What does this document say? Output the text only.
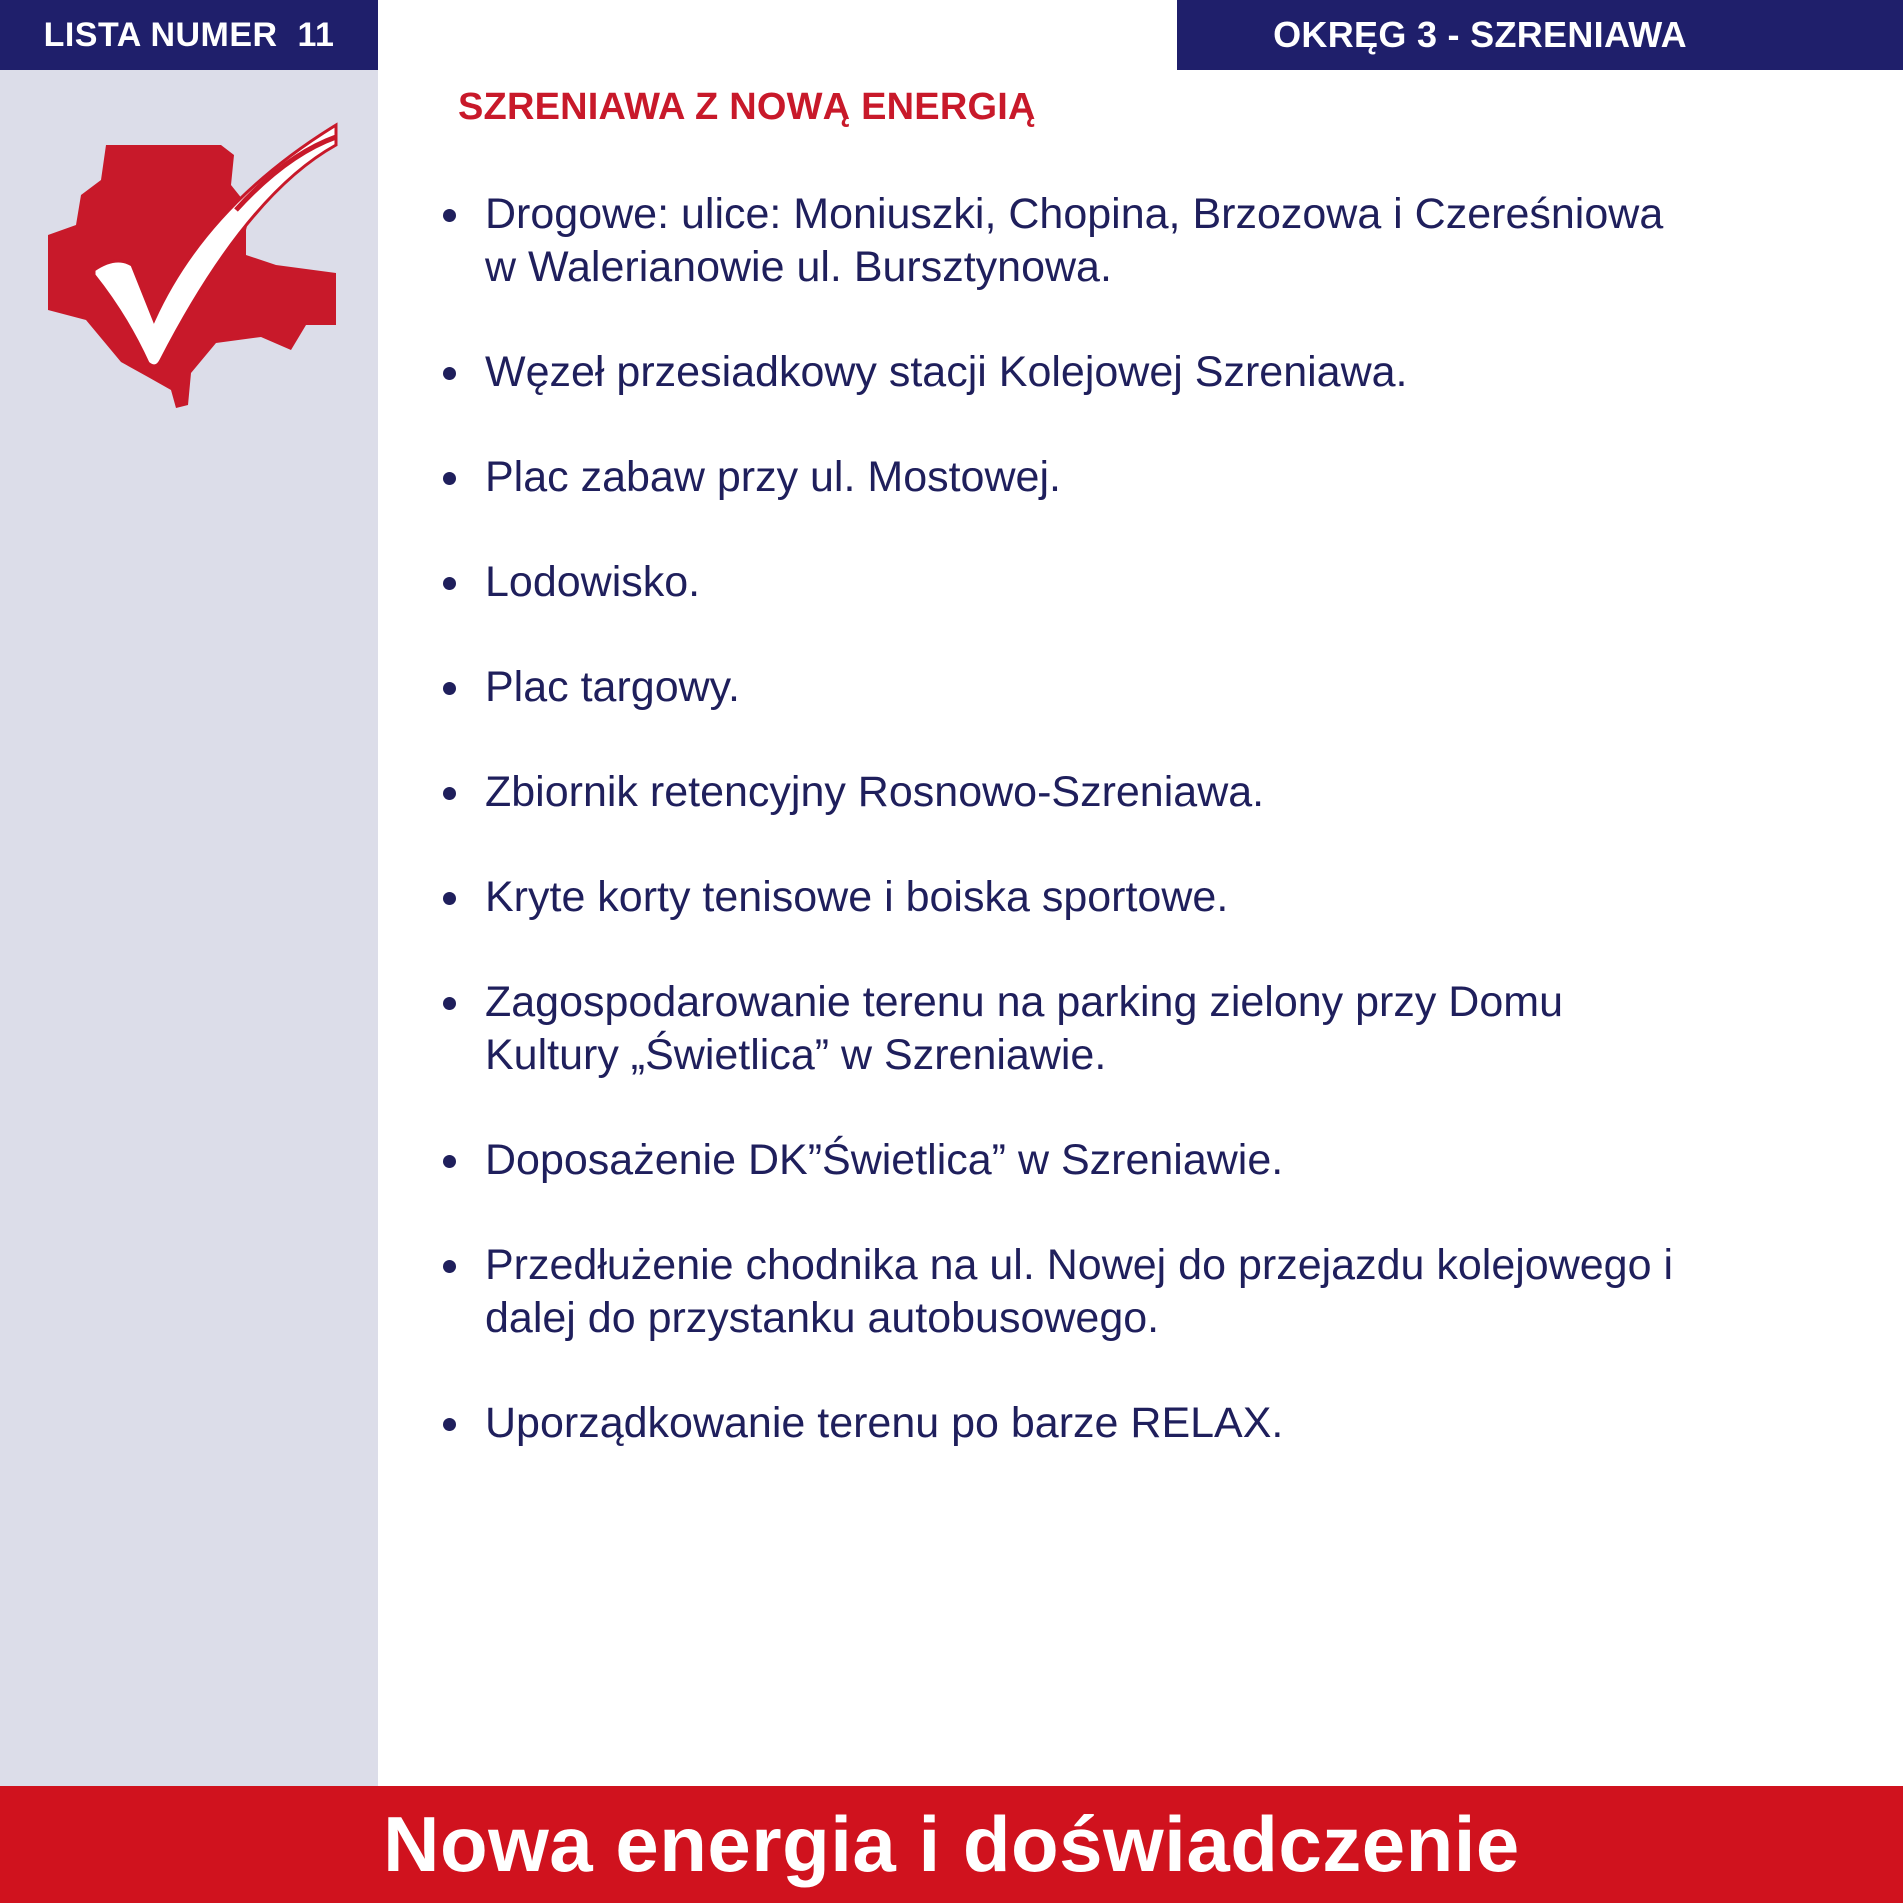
LISTA NUMER  11	OKRĘG 3 - SZRENIAWA
SZRENIAWA Z NOWĄ ENERGIĄ
Drogowe: ulice: Moniuszki, Chopina, Brzozowa i Czereśniowa w Walerianowie ul. Bursztynowa.
Węzeł przesiadkowy stacji Kolejowej Szreniawa.
Plac zabaw przy ul. Mostowej.
Lodowisko.
Plac targowy.
Zbiornik retencyjny Rosnowo-Szreniawa.
Kryte korty tenisowe i boiska sportowe.
Zagospodarowanie terenu na parking zielony przy Domu Kultury „Świetlica” w Szreniawie.
Doposażenie DK”Świetlica” w Szreniawie.
Przedłużenie chodnika na ul. Nowej do przejazdu kolejowego i dalej do przystanku autobusowego.
Uporządkowanie terenu po barze RELAX.
Nowa energia i doświadczenie
